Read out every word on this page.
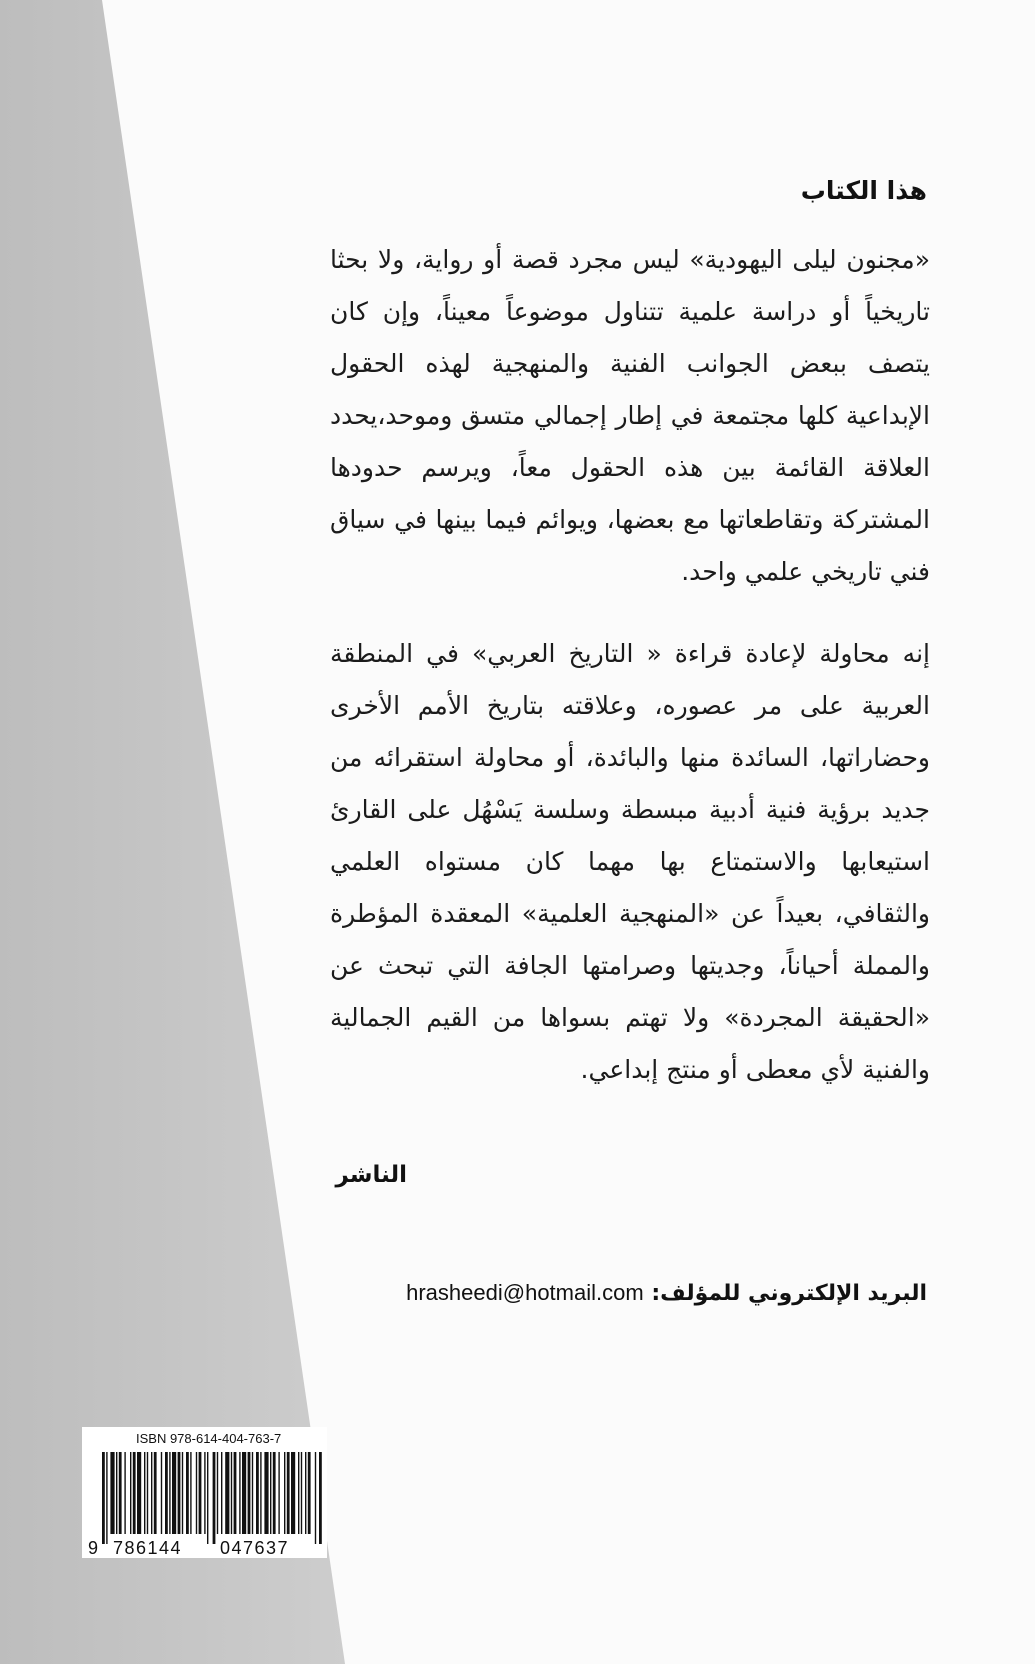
هذا الكتاب

«مجنون ليلى اليهودية» ليس مجرد قصة أو رواية، ولا بحثا تاريخياً أو دراسة علمية تتناول موضوعاً معيناً، وإن كان يتصف ببعض الجوانب الفنية والمنهجية لهذه الحقول الإبداعية كلها مجتمعة في إطار إجمالي متسق وموحد،يحدد العلاقة القائمة بين هذه الحقول معاً، ويرسم حدودها المشتركة وتقاطعاتها مع بعضها، ويوائم فيما بينها في سياق فني تاريخي علمي واحد.

إنه محاولة لإعادة قراءة « التاريخ العربي» في المنطقة العربية على مر عصوره، وعلاقته بتاريخ الأمم الأخرى وحضاراتها، السائدة منها والبائدة، أو محاولة استقرائه من جديد برؤية فنية أدبية مبسطة وسلسة يَسْهُل على القارئ استيعابها والاستمتاع بها مهما كان مستواه العلمي والثقافي، بعيداً عن «المنهجية العلمية» المعقدة المؤطرة والمملة أحياناً، وجديتها وصرامتها الجافة التي تبحث عن «الحقيقة المجردة» ولا تهتم بسواها من القيم الجمالية والفنية لأي معطى أو منتج إبداعي.

الناشر

البريد الإلكتروني للمؤلف: hrasheedi@hotmail.com
ISBN 978-614-404-763-7
9 786144 047637
